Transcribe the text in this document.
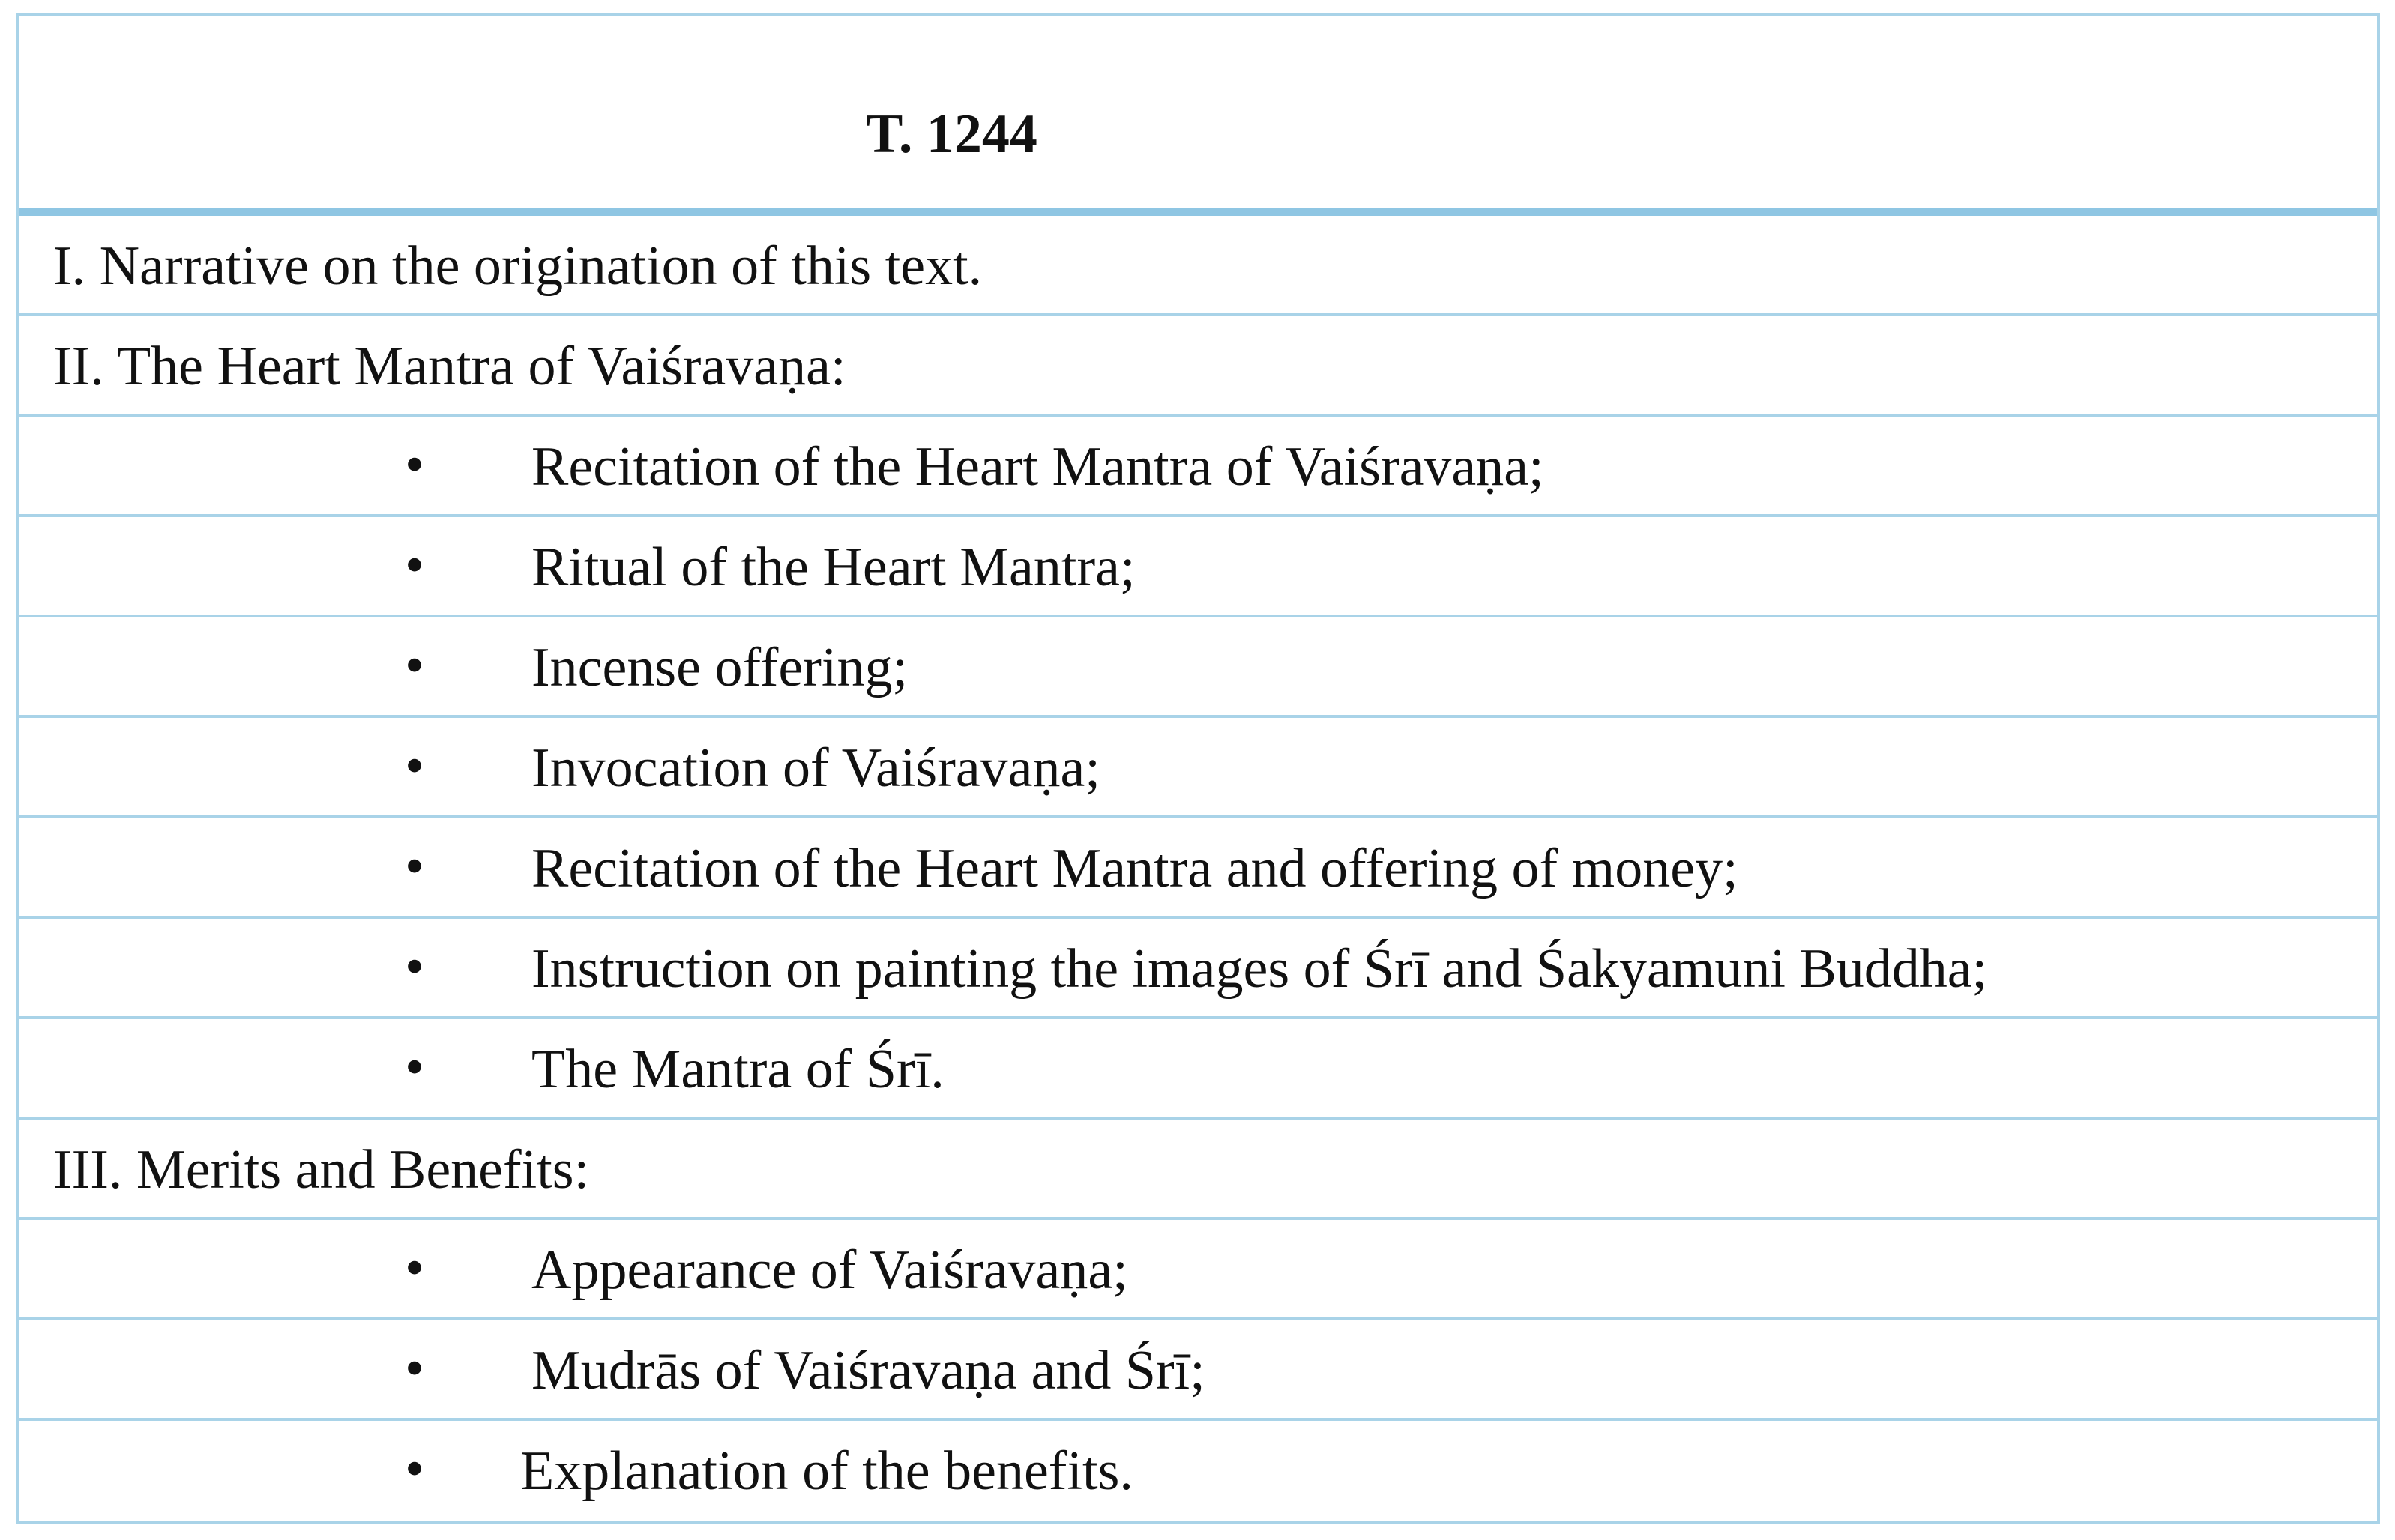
T. 1244
I. Narrative on the origination of this text.
II. The Heart Mantra of Vaiśravaṇa:
• Recitation of the Heart Mantra of Vaiśravaṇa;
• Ritual of the Heart Mantra;
• Incense offering;
• Invocation of Vaiśravaṇa;
• Recitation of the Heart Mantra and offering of money;
• Instruction on painting the images of Śrī and Śakyamuni Buddha;
• The Mantra of Śrī.
III. Merits and Benefits:
• Appearance of Vaiśravaṇa;
• Mudrās of Vaiśravaṇa and Śrī;
• Explanation of the benefits.
